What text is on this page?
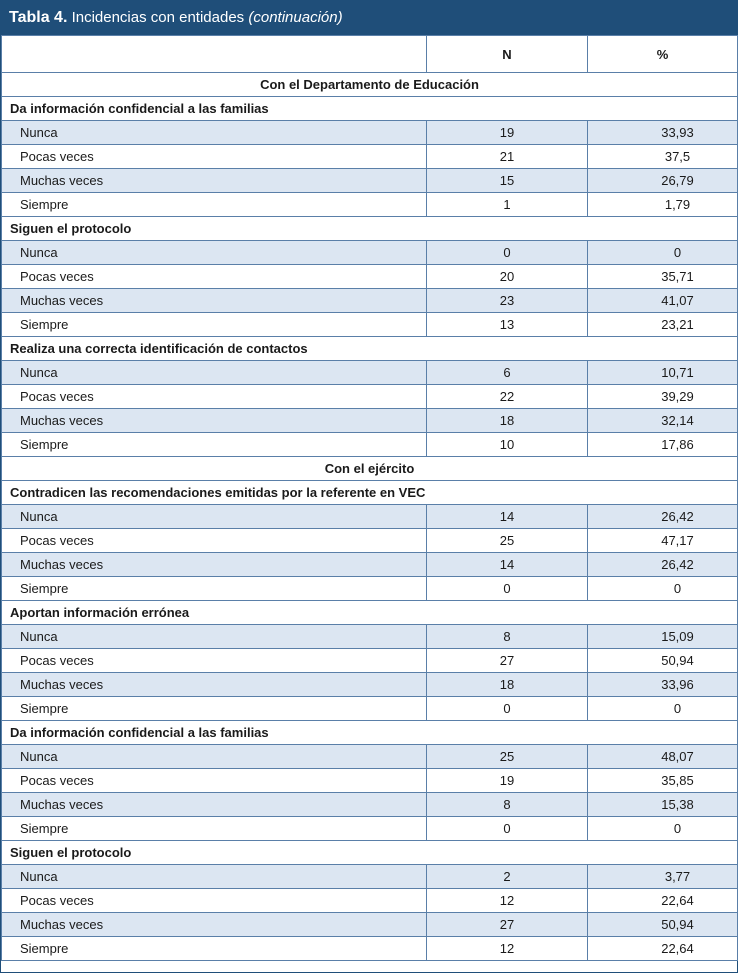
Tabla 4. Incidencias con entidades (continuación)
	N	%
Con el Departamento de Educación		
Da información confidencial a las familias		
Nunca	19	33,93
Pocas veces	21	37,5
Muchas veces	15	26,79
Siempre	1	1,79
Siguen el protocolo		
Nunca	0	0
Pocas veces	20	35,71
Muchas veces	23	41,07
Siempre	13	23,21
Realiza una correcta identificación de contactos		
Nunca	6	10,71
Pocas veces	22	39,29
Muchas veces	18	32,14
Siempre	10	17,86
Con el ejército		
Contradicen las recomendaciones emitidas por la referente en VEC		
Nunca	14	26,42
Pocas veces	25	47,17
Muchas veces	14	26,42
Siempre	0	0
Aportan información errónea		
Nunca	8	15,09
Pocas veces	27	50,94
Muchas veces	18	33,96
Siempre	0	0
Da información confidencial a las familias		
Nunca	25	48,07
Pocas veces	19	35,85
Muchas veces	8	15,38
Siempre	0	0
Siguen el protocolo		
Nunca	2	3,77
Pocas veces	12	22,64
Muchas veces	27	50,94
Siempre	12	22,64
